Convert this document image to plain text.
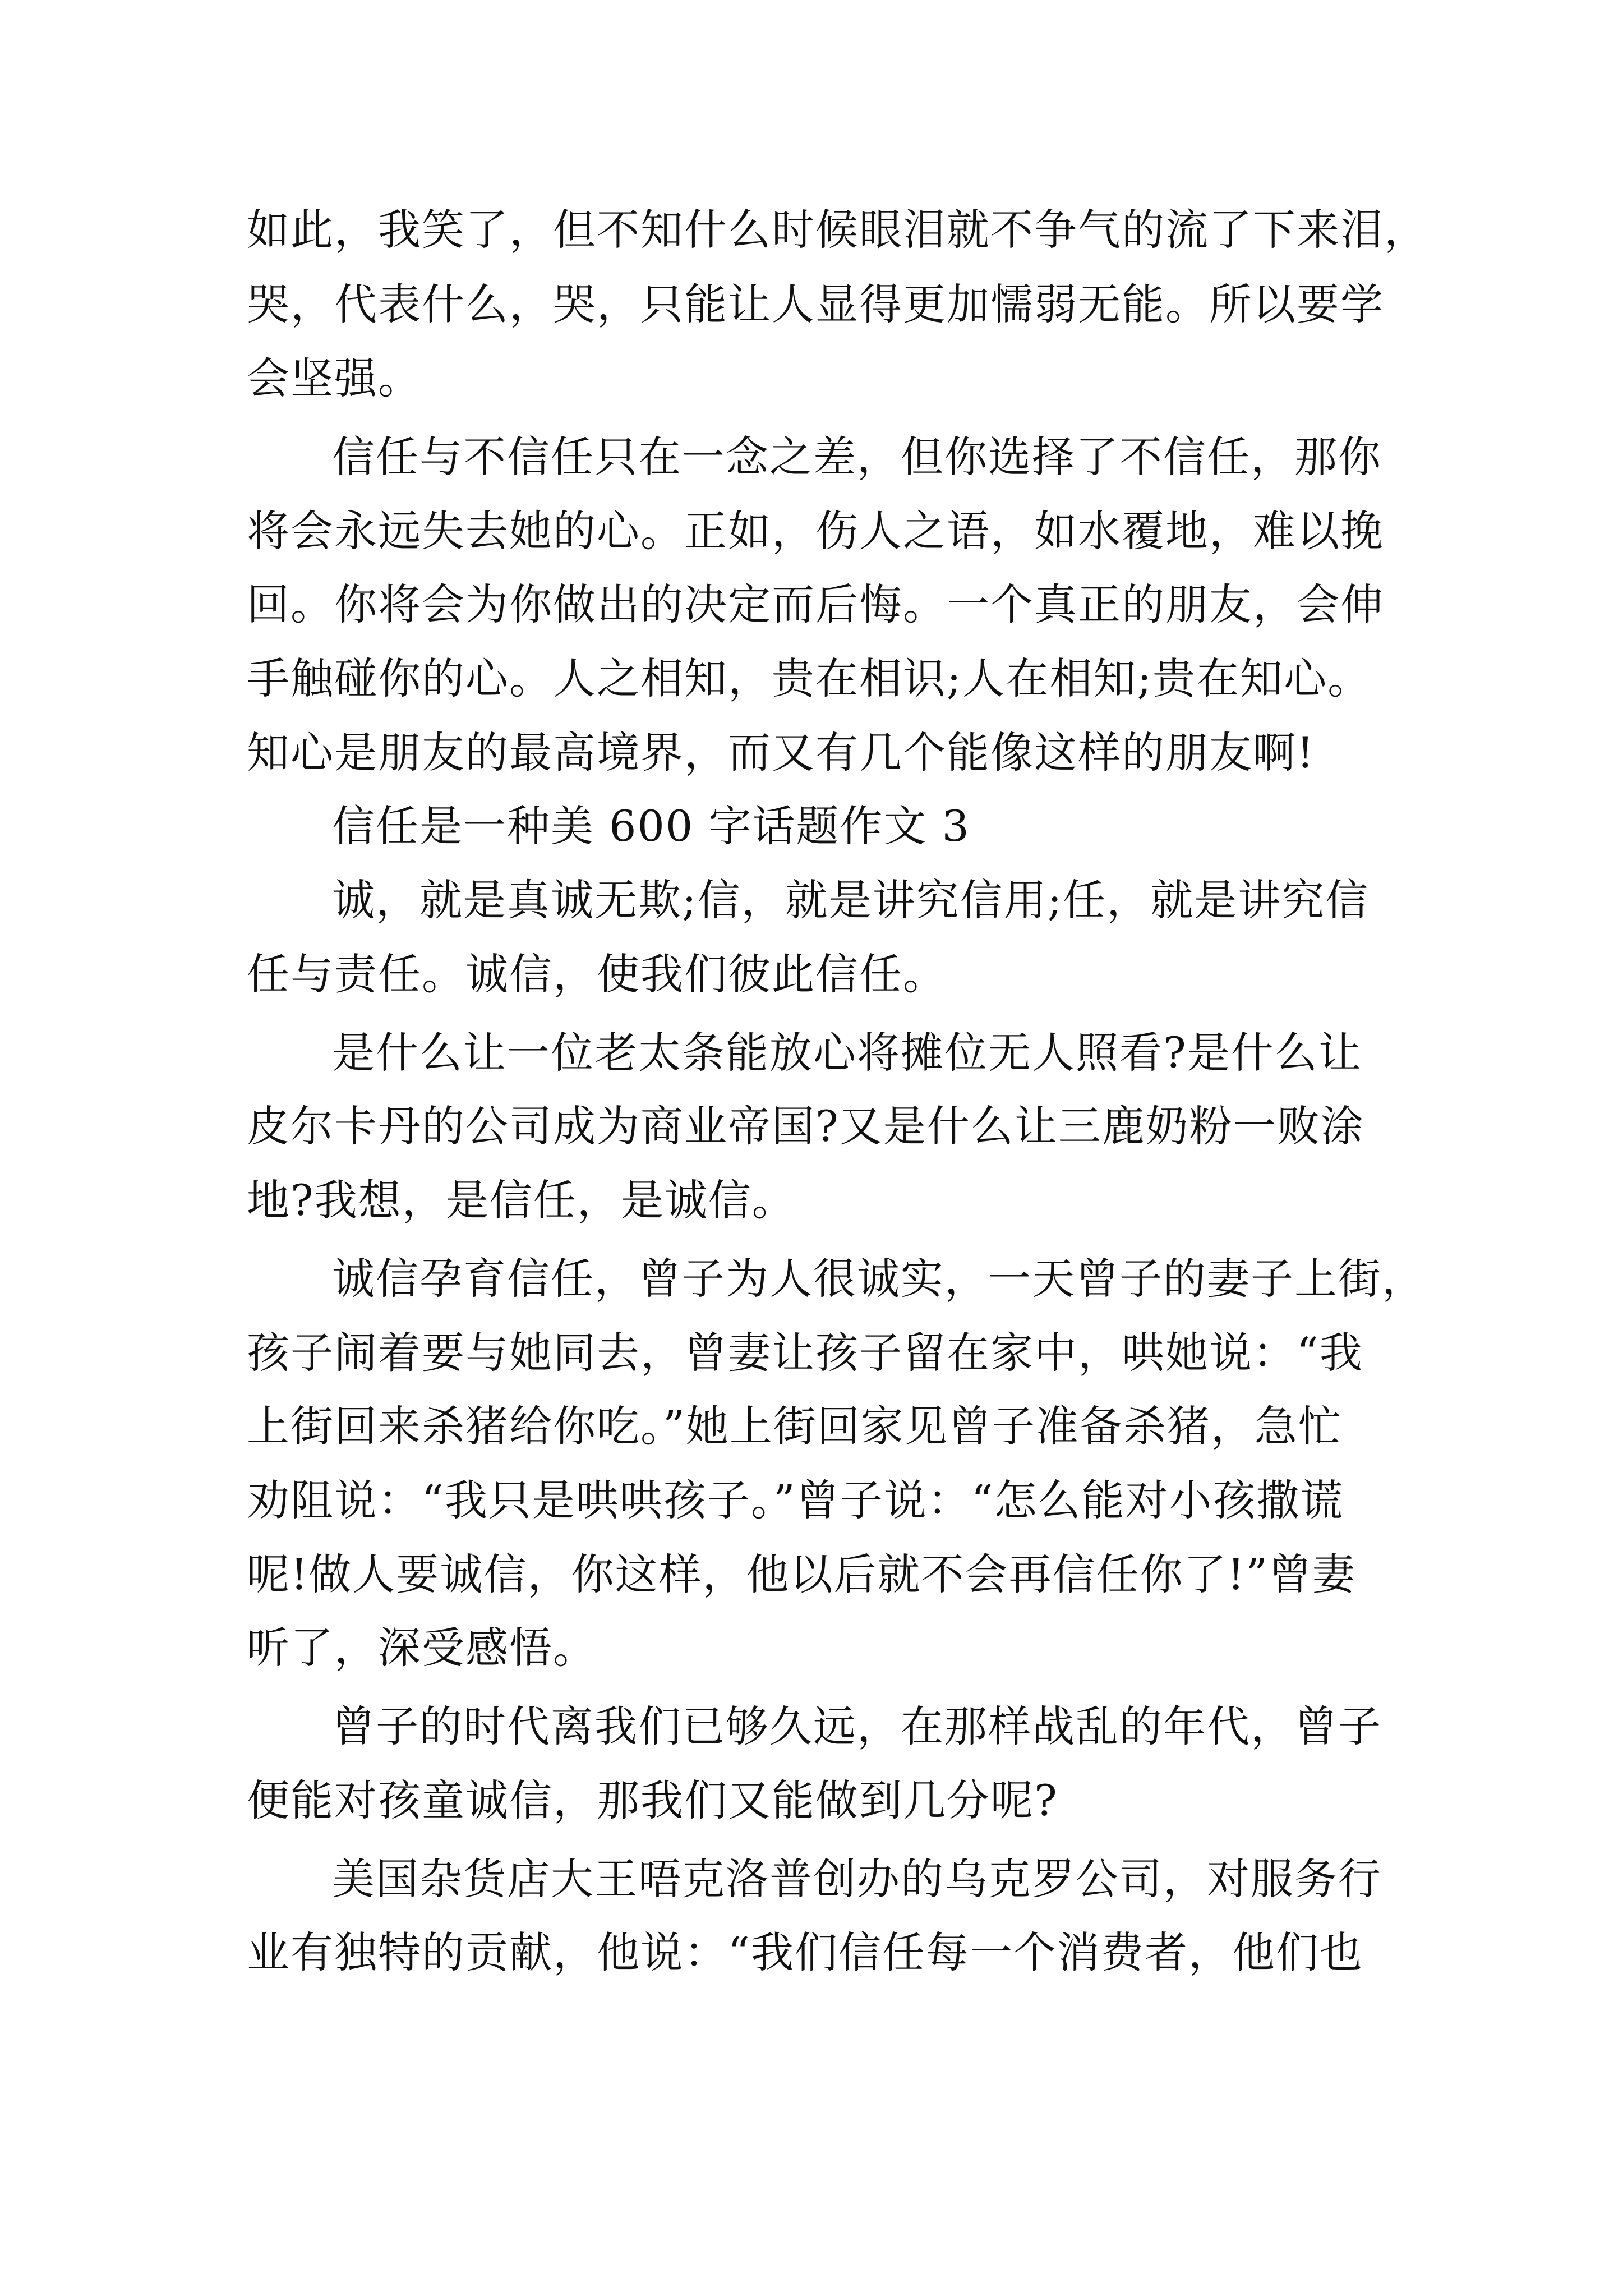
如此，我笑了，但不知什么时候眼泪就不争气的流了下来泪，
哭，代表什么，哭，只能让人显得更加懦弱无能。所以要学
会坚强。
信任与不信任只在一念之差，但你选择了不信任，那你
将会永远失去她的心。正如，伤人之语，如水覆地，难以挽
回。你将会为你做出的决定而后悔。一个真正的朋友，会伸
手触碰你的心。人之相知，贵在相识;人在相知;贵在知心。
知心是朋友的最高境界，而又有几个能像这样的朋友啊!
信任是一种美 600 字话题作文 3
诚，就是真诚无欺;信，就是讲究信用;任，就是讲究信
任与责任。诚信，使我们彼此信任。
是什么让一位老太条能放心将摊位无人照看?是什么让
皮尔卡丹的公司成为商业帝国?又是什么让三鹿奶粉一败涂
地?我想，是信任，是诚信。
诚信孕育信任，曾子为人很诚实，一天曾子的妻子上街，
孩子闹着要与她同去，曾妻让孩子留在家中，哄她说：“我
上街回来杀猪给你吃。”她上街回家见曾子准备杀猪，急忙
劝阻说：“我只是哄哄孩子。”曾子说：“怎么能对小孩撒谎
呢!做人要诚信，你这样，他以后就不会再信任你了!”曾妻
听了，深受感悟。
曾子的时代离我们已够久远，在那样战乱的年代，曾子
便能对孩童诚信，那我们又能做到几分呢?
美国杂货店大王唔克洛普创办的乌克罗公司，对服务行
业有独特的贡献，他说：“我们信任每一个消费者，他们也
